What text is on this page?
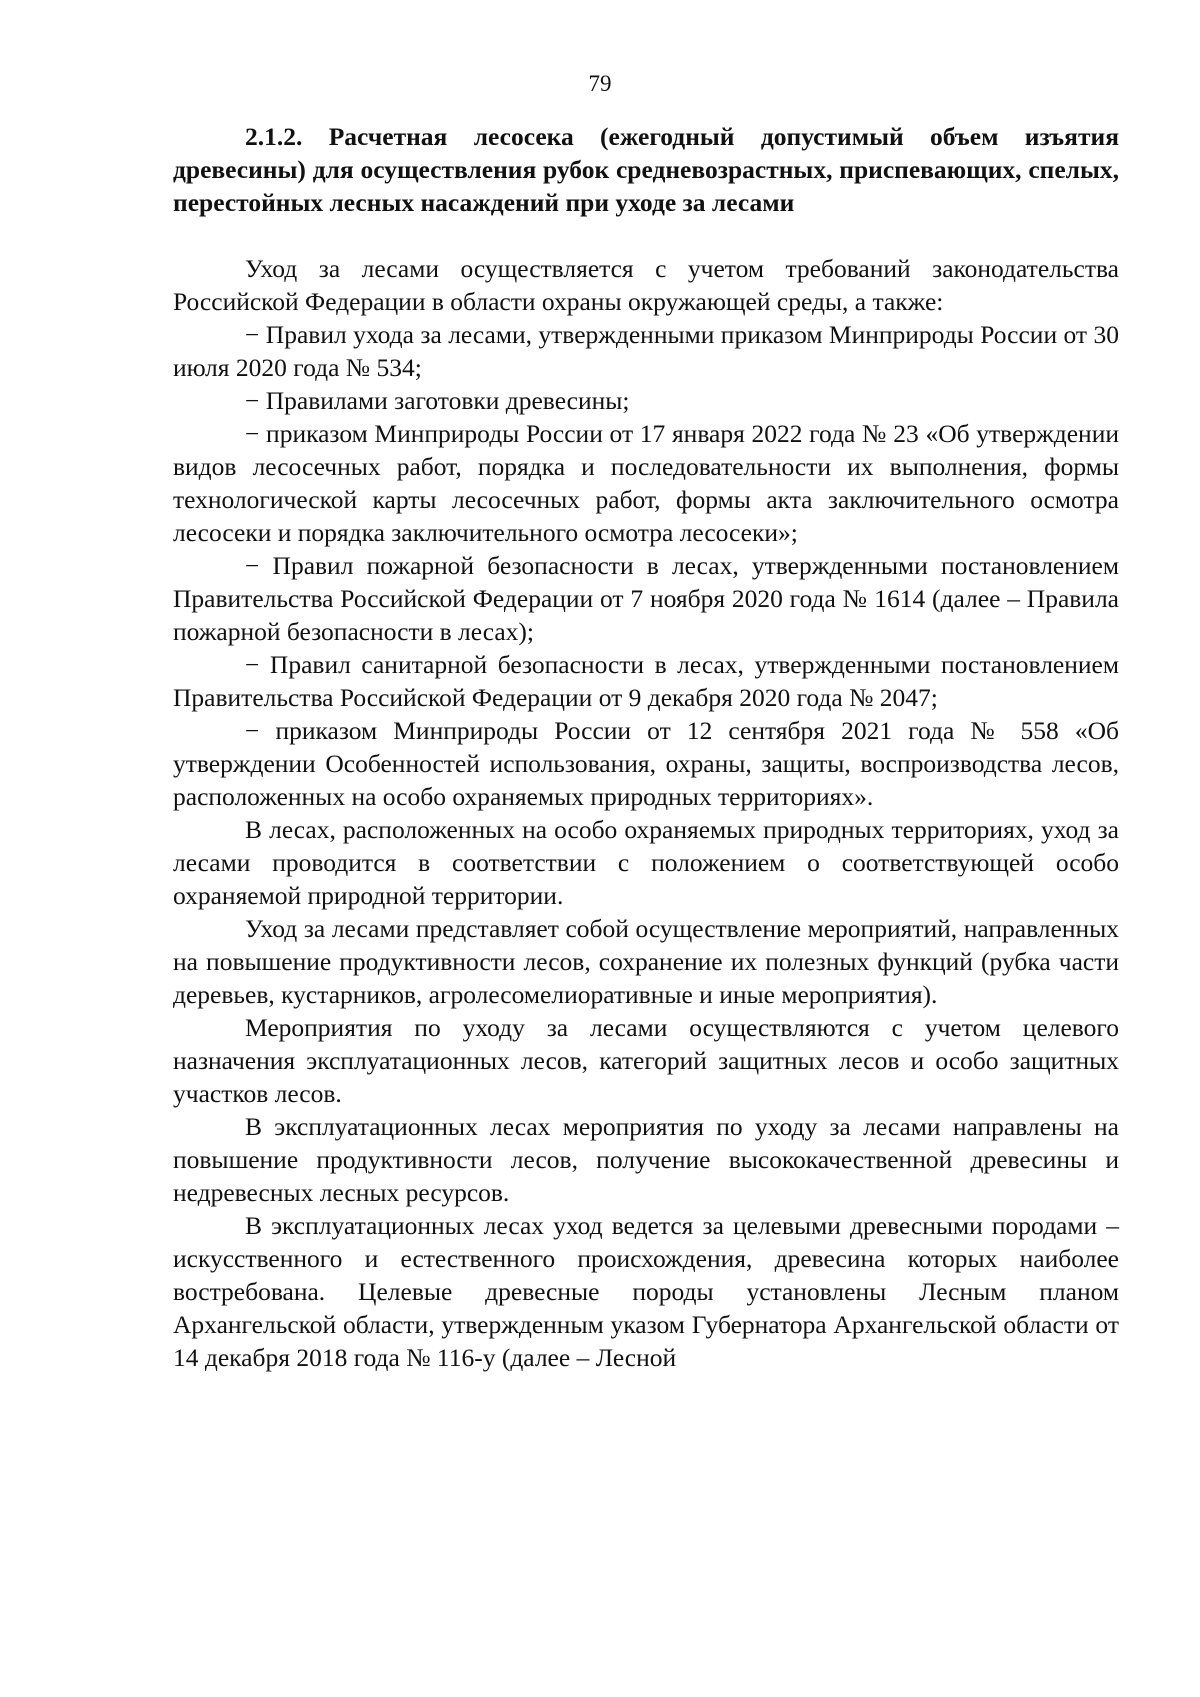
79
2.1.2. Расчетная лесосека (ежегодный допустимый объем изъятия древесины) для осуществления рубок средневозрастных, приспевающих, спелых, перестойных лесных насаждений при уходе за лесами

Уход за лесами осуществляется с учетом требований законодательства Российской Федерации в области охраны окружающей среды, а также:

− Правил ухода за лесами, утвержденными приказом Минприроды России от 30 июля 2020 года № 534;

− Правилами заготовки древесины;

− приказом Минприроды России от 17 января 2022 года № 23 «Об утверждении видов лесосечных работ, порядка и последовательности их выполнения, формы технологической карты лесосечных работ, формы акта заключительного осмотра лесосеки и порядка заключительного осмотра лесосеки»;

− Правил пожарной безопасности в лесах, утвержденными постановлением Правительства Российской Федерации от 7 ноября 2020 года № 1614 (далее – Правила пожарной безопасности в лесах);

− Правил санитарной безопасности в лесах, утвержденными постановлением Правительства Российской Федерации от 9 декабря 2020 года № 2047;

− приказом Минприроды России от 12 сентября 2021 года № 558 «Об утверждении Особенностей использования, охраны, защиты, воспроизводства лесов, расположенных на особо охраняемых природных территориях».

В лесах, расположенных на особо охраняемых природных территориях, уход за лесами проводится в соответствии с положением о соответствующей особо охраняемой природной территории.

Уход за лесами представляет собой осуществление мероприятий, направленных на повышение продуктивности лесов, сохранение их полезных функций (рубка части деревьев, кустарников, агролесомелиоративные и иные мероприятия).

Мероприятия по уходу за лесами осуществляются с учетом целевого назначения эксплуатационных лесов, категорий защитных лесов и особо защитных участков лесов.

В эксплуатационных лесах мероприятия по уходу за лесами направлены на повышение продуктивности лесов, получение высококачественной древесины и недревесных лесных ресурсов.

В эксплуатационных лесах уход ведется за целевыми древесными породами – искусственного и естественного происхождения, древесина которых наиболее востребована. Целевые древесные породы установлены Лесным планом Архангельской области, утвержденным указом Губернатора Архангельской области от 14 декабря 2018 года № 116-у (далее – Лесной
